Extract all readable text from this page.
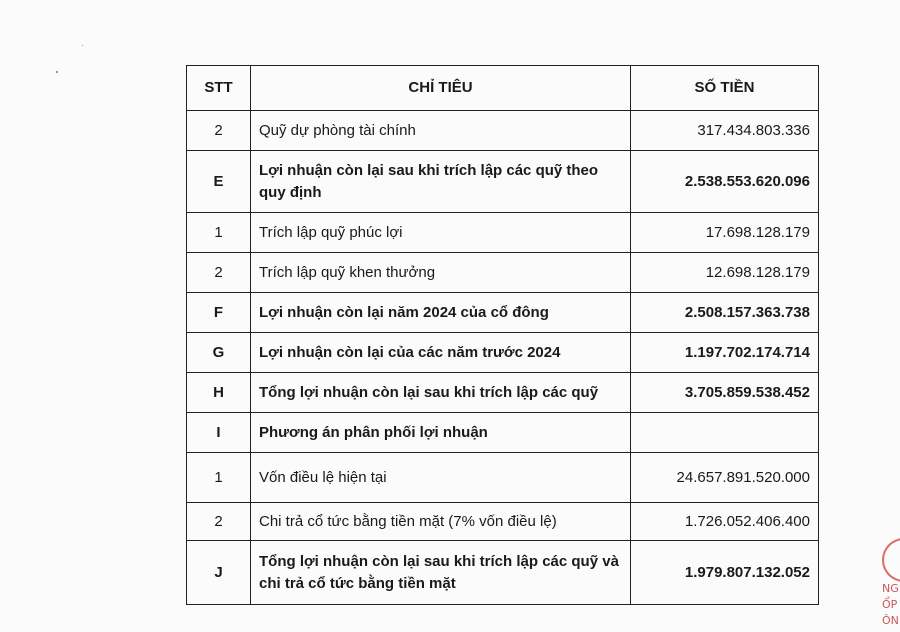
STT	CHỈ TIÊU	SỐ TIỀN
2	Quỹ dự phòng tài chính	317.434.803.336
E	Lợi nhuận còn lại sau khi trích lập các quỹ theo quy định	2.538.553.620.096
1	Trích lập quỹ phúc lợi	17.698.128.179
2	Trích lập quỹ khen thưởng	12.698.128.179
F	Lợi nhuận còn lại năm 2024 của cổ đông	2.508.157.363.738
G	Lợi nhuận còn lại của các năm trước 2024	1.197.702.174.714
H	Tổng lợi nhuận còn lại sau khi trích lập các quỹ	3.705.859.538.452
I	Phương án phân phối lợi nhuận	
1	Vốn điều lệ hiện tại	24.657.891.520.000
2	Chi trả cổ tức bằng tiền mặt (7% vốn điều lệ)	1.726.052.406.400
J	Tổng lợi nhuận còn lại sau khi trích lập các quỹ và chi trả cổ tức bằng tiền mặt	1.979.807.132.052
NG
ỔP
ÔN
